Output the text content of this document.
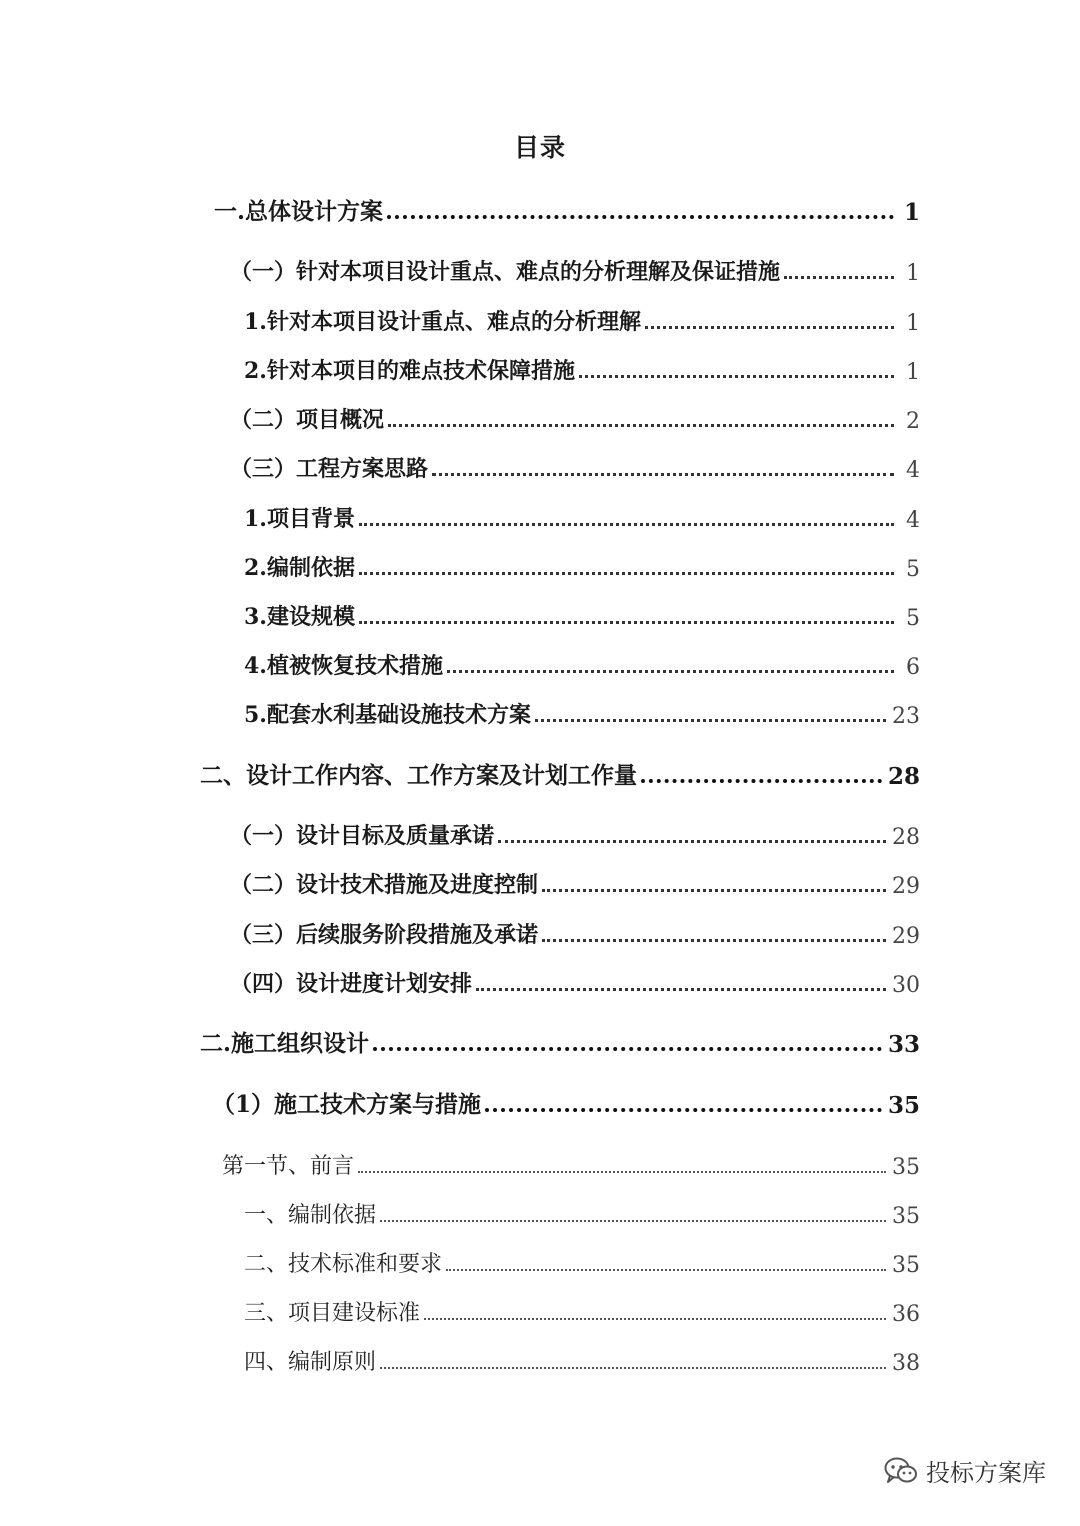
目录
一.总体设计方案	1
（一）针对本项目设计重点、难点的分析理解及保证措施	1
1.针对本项目设计重点、难点的分析理解	1
2.针对本项目的难点技术保障措施	1
（二）项目概况	2
（三）工程方案思路	4
1.项目背景	4
2.编制依据	5
3.建设规模	5
4.植被恢复技术措施	6
5.配套水利基础设施技术方案	23
二、设计工作内容、工作方案及计划工作量	28
（一）设计目标及质量承诺	28
（二）设计技术措施及进度控制	29
（三）后续服务阶段措施及承诺	29
（四）设计进度计划安排	30
二.施工组织设计	33
（1）施工技术方案与措施	35
第一节、前言	35
一、编制依据	35
二、技术标准和要求	35
三、项目建设标准	36
四、编制原则	38
投标方案库
